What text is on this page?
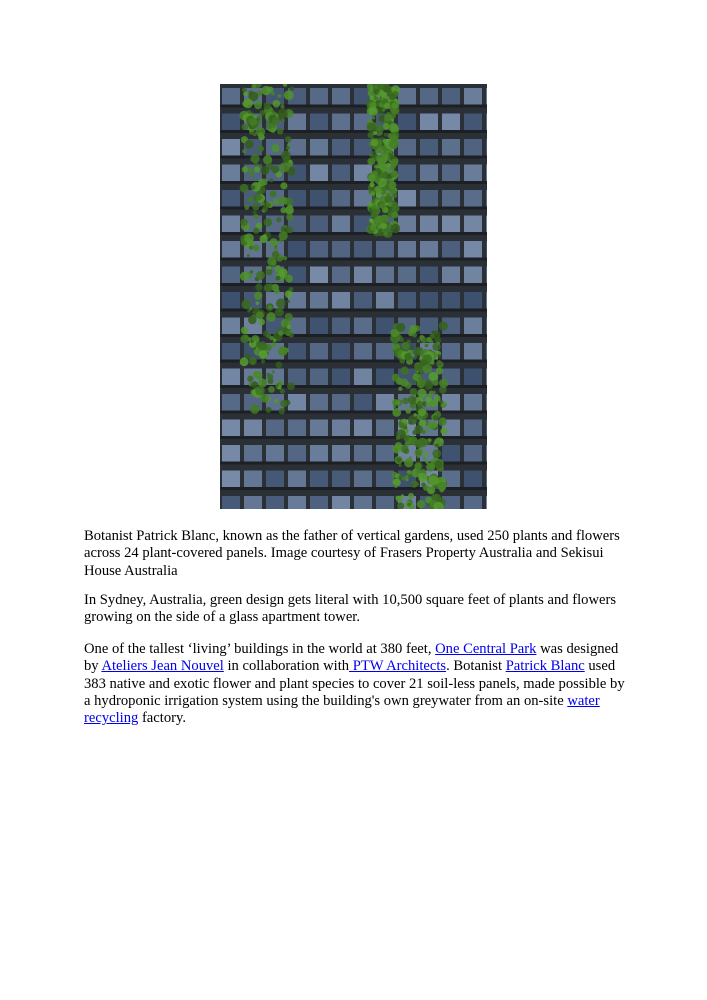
Botanist Patrick Blanc, known as the father of vertical gardens, used 250 plants and flowers across 24 plant-covered panels. Image courtesy of Frasers Property Australia and Sekisui House Australia

In Sydney, Australia, green design gets literal with 10,500 square feet of plants and flowers growing on the side of a glass apartment tower.

One of the tallest ‘living’ buildings in the world at 380 feet, One Central Park was designed by Ateliers Jean Nouvel in collaboration with PTW Architects. Botanist Patrick Blanc used 383 native and exotic flower and plant species to cover 21 soil-less panels, made possible by a hydroponic irrigation system using the building's own greywater from an on-site water recycling factory.
